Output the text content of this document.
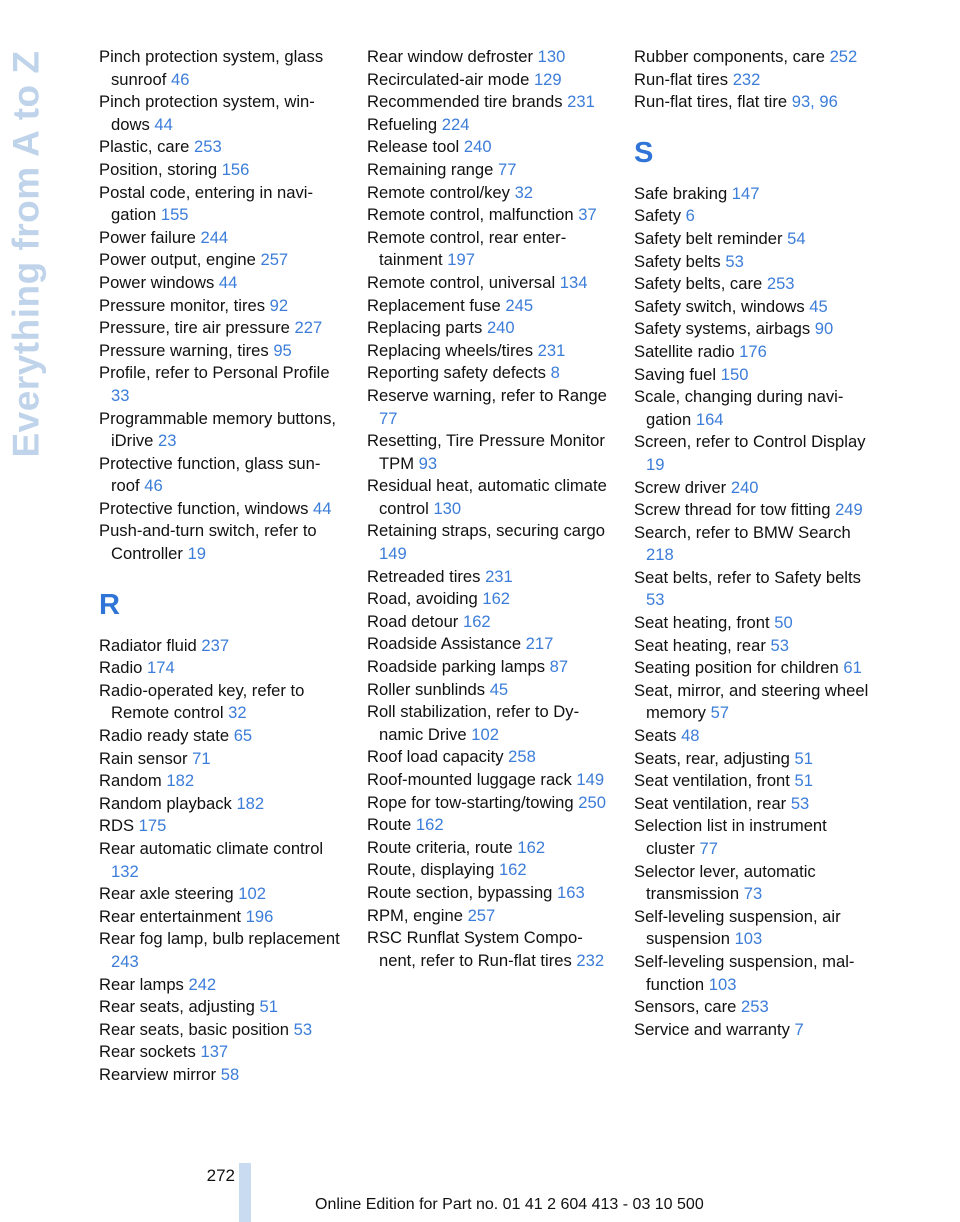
Everything from A to Z	Pinch protection system, glass sunroof 46
Pinch protection system, windows 44
Plastic, care 253
Position, storing 156
Postal code, entering in navigation 155
Power failure 244
Power output, engine 257
Power windows 44
Pressure monitor, tires 92
Pressure, tire air pressure 227
Pressure warning, tires 95
Profile, refer to Personal Profile 33
Programmable memory buttons, iDrive 23
Protective function, glass sunroof 46
Protective function, windows 44
Push-and-turn switch, refer to Controller 19
R
Radiator fluid 237
Radio 174
Radio-operated key, refer to Remote control 32
Radio ready state 65
Rain sensor 71
Random 182
Random playback 182
RDS 175
Rear automatic climate control 132
Rear axle steering 102
Rear entertainment 196
Rear fog lamp, bulb replacement 243
Rear lamps 242
Rear seats, adjusting 51
Rear seats, basic position 53
Rear sockets 137
Rearview mirror 58
Rear window defroster 130
Recirculated-air mode 129
Recommended tire brands 231
Refueling 224
Release tool 240
Remaining range 77
Remote control/key 32
Remote control, malfunction 37
Remote control, rear entertainment 197
Remote control, universal 134
Replacement fuse 245
Replacing parts 240
Replacing wheels/tires 231
Reporting safety defects 8
Reserve warning, refer to Range 77
Resetting, Tire Pressure Monitor TPM 93
Residual heat, automatic climate control 130
Retaining straps, securing cargo 149
Retreaded tires 231
Road, avoiding 162
Road detour 162
Roadside Assistance 217
Roadside parking lamps 87
Roller sunblinds 45
Roll stabilization, refer to Dynamic Drive 102
Roof load capacity 258
Roof-mounted luggage rack 149
Rope for tow-starting/towing 250
Route 162
Route criteria, route 162
Route, displaying 162
Route section, bypassing 163
RPM, engine 257
RSC Runflat System Component, refer to Run-flat tires 232
Rubber components, care 252
Run-flat tires 232
Run-flat tires, flat tire 93, 96
S
Safe braking 147
Safety 6
Safety belt reminder 54
Safety belts 53
Safety belts, care 253
Safety switch, windows 45
Safety systems, airbags 90
Satellite radio 176
Saving fuel 150
Scale, changing during navigation 164
Screen, refer to Control Display 19
Screw driver 240
Screw thread for tow fitting 249
Search, refer to BMW Search 218
Seat belts, refer to Safety belts 53
Seat heating, front 50
Seat heating, rear 53
Seating position for children 61
Seat, mirror, and steering wheel memory 57
Seats 48
Seats, rear, adjusting 51
Seat ventilation, front 51
Seat ventilation, rear 53
Selection list in instrument cluster 77
Selector lever, automatic transmission 73
Self-leveling suspension, air suspension 103
Self-leveling suspension, malfunction 103
Sensors, care 253
Service and warranty 7
272
Online Edition for Part no. 01 41 2 604 413 - 03 10 500
